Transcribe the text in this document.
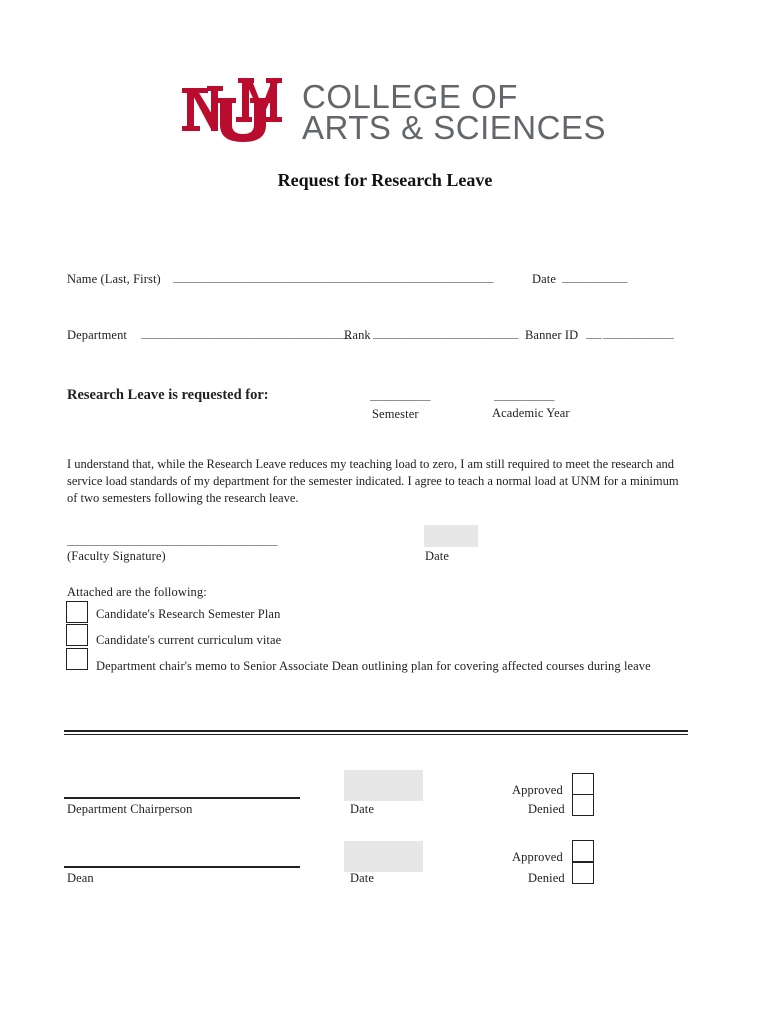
COLLEGE OF
ARTS & SCIENCES
Request for Research Leave
Name (Last, First) ________________________________________________________________	Date _____________
Department __________________________________________
Rank _____________________________ Banner ID ___ ______________
Research Leave is requested for:	____________
Semester
____________
Academic Year
I understand that, while the Research Leave reduces my teaching load to zero, I am still required to meet the research and service load standards of my department for the semester indicated. I agree to teach a normal load at UNM for a minimum of two semesters following the research leave.
__________________________________________
(Faculty Signature)	Date
Attached are the following:
Candidate's Research Semester Plan
Candidate's current curriculum vitae
Department chair's memo to Senior Associate Dean outlining plan for covering affected courses during leave
Department Chairperson	Date
Approved
Denied
Dean	Date
Approved
Denied
